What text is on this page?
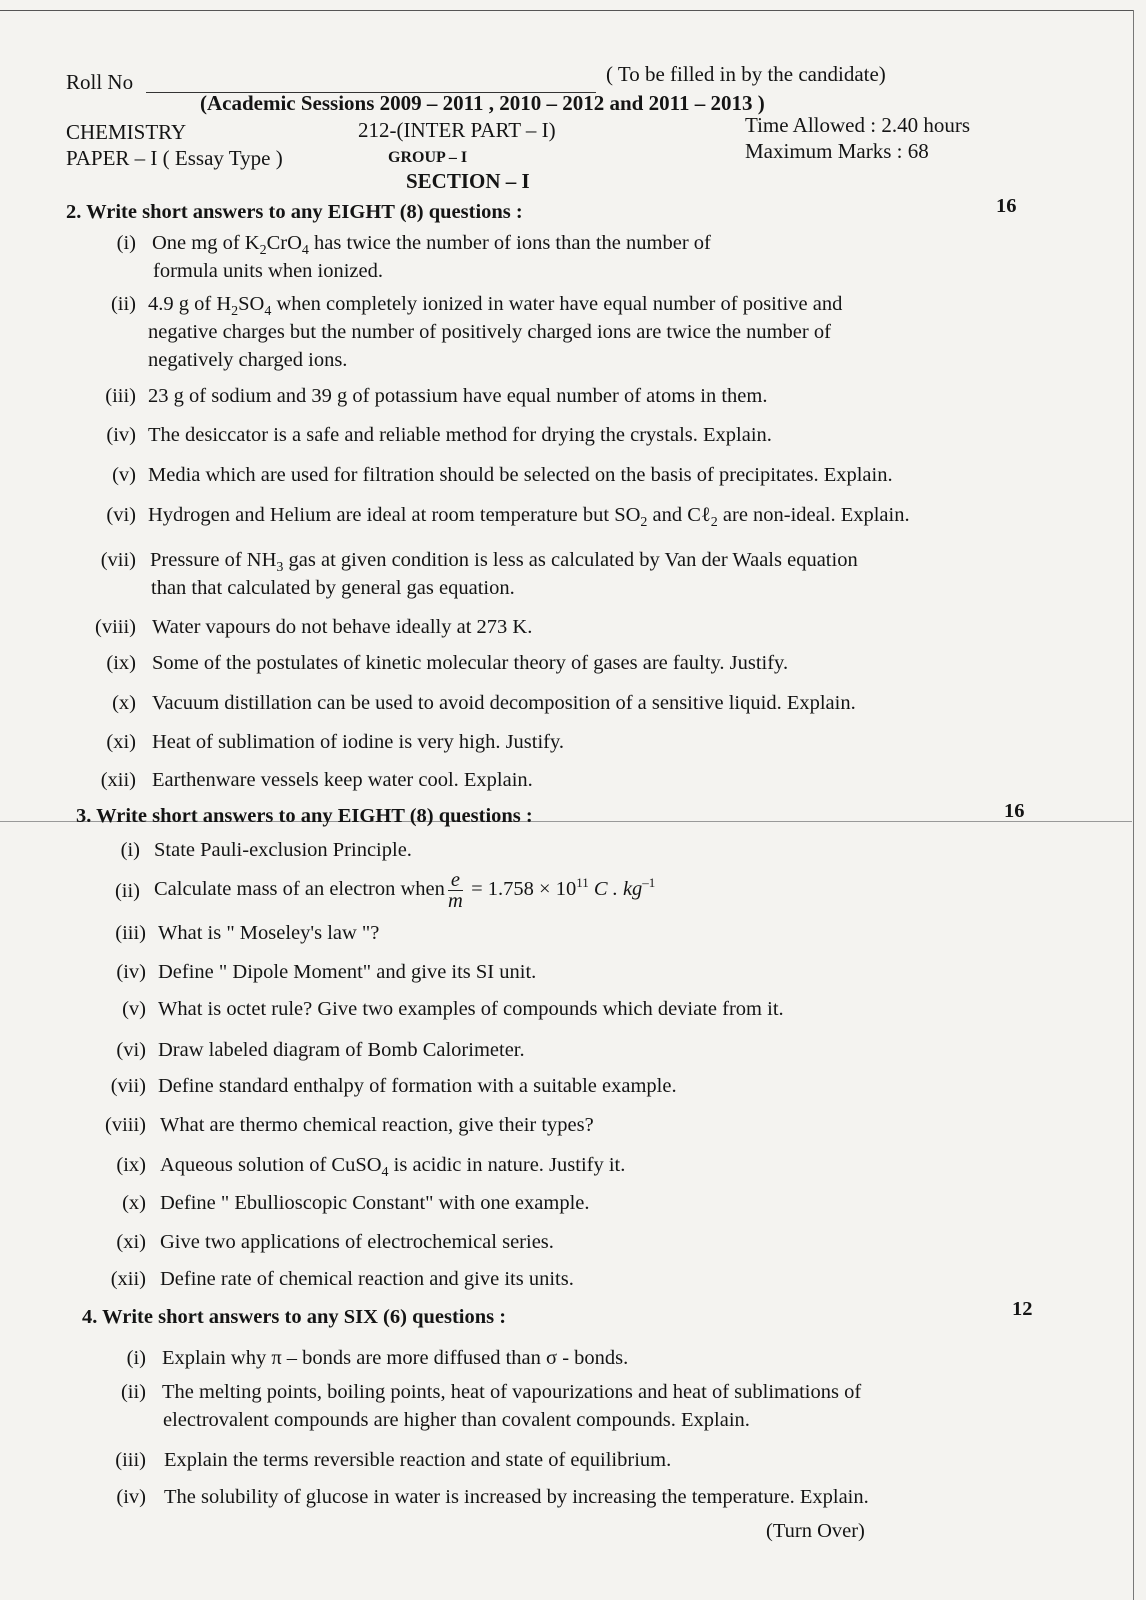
Roll No	( To be filled in by the candidate)
(Academic Sessions 2009 – 2011 , 2010 – 2012 and 2011 – 2013 )
CHEMISTRY	212-(INTER PART – I)	Time Allowed : 2.40 hours
PAPER – I ( Essay Type )	GROUP – I	Maximum Marks : 68
SECTION – I
2. Write short answers to any EIGHT (8) questions :	16
(i) One mg of $K_2CrO_4$ has twice the number of ions than the number of
formula units when ionized.
(ii) 4.9 g of $H_2SO_4$ when completely ionized in water have equal number of positive and
negative charges but the number of positively charged ions are twice the number of
negatively charged ions.
(iii) 23 g of sodium and 39 g of potassium have equal number of atoms in them.
(iv) The desiccator is a safe and reliable method for drying the crystals. Explain.
(v) Media which are used for filtration should be selected on the basis of precipitates. Explain.
(vi) Hydrogen and Helium are ideal at room temperature but $SO_2$ and Cℓ$_2$ are non-ideal. Explain.
(vii) Pressure of $NH_3$ gas at given condition is less as calculated by Van der Waals equation
than that calculated by general gas equation.
(viii) Water vapours do not behave ideally at 273 K.
(ix) Some of the postulates of kinetic molecular theory of gases are faulty. Justify.
(x) Vacuum distillation can be used to avoid decomposition of a sensitive liquid. Explain.
(xi) Heat of sublimation of iodine is very high. Justify.
(xii) Earthenware vessels keep water cool. Explain.
3. Write short answers to any EIGHT (8) questions :	16
(i) State Pauli-exclusion Principle.
(ii) Calculate mass of an electron when $\frac{e}{m} = 1.758 \times 10^{11}$ C . $kg^{-1}$
(iii) What is " Moseley's law "?
(iv) Define " Dipole Moment" and give its SI unit.
(v) What is octet rule? Give two examples of compounds which deviate from it.
(vi) Draw labeled diagram of Bomb Calorimeter.
(vii) Define standard enthalpy of formation with a suitable example.
(viii) What are thermo chemical reaction, give their types?
(ix) Aqueous solution of CuSO$_4$ is acidic in nature. Justify it.
(x) Define " Ebullioscopic Constant" with one example.
(xi) Give two applications of electrochemical series.
(xii) Define rate of chemical reaction and give its units.
4. Write short answers to any SIX (6) questions :	12
(i) Explain why π – bonds are more diffused than σ - bonds.
(ii) The melting points, boiling points, heat of vapourizations and heat of sublimations of
electrovalent compounds are higher than covalent compounds. Explain.
(iii) Explain the terms reversible reaction and state of equilibrium.
(iv) The solubility of glucose in water is increased by increasing the temperature. Explain.
(Turn Over)
